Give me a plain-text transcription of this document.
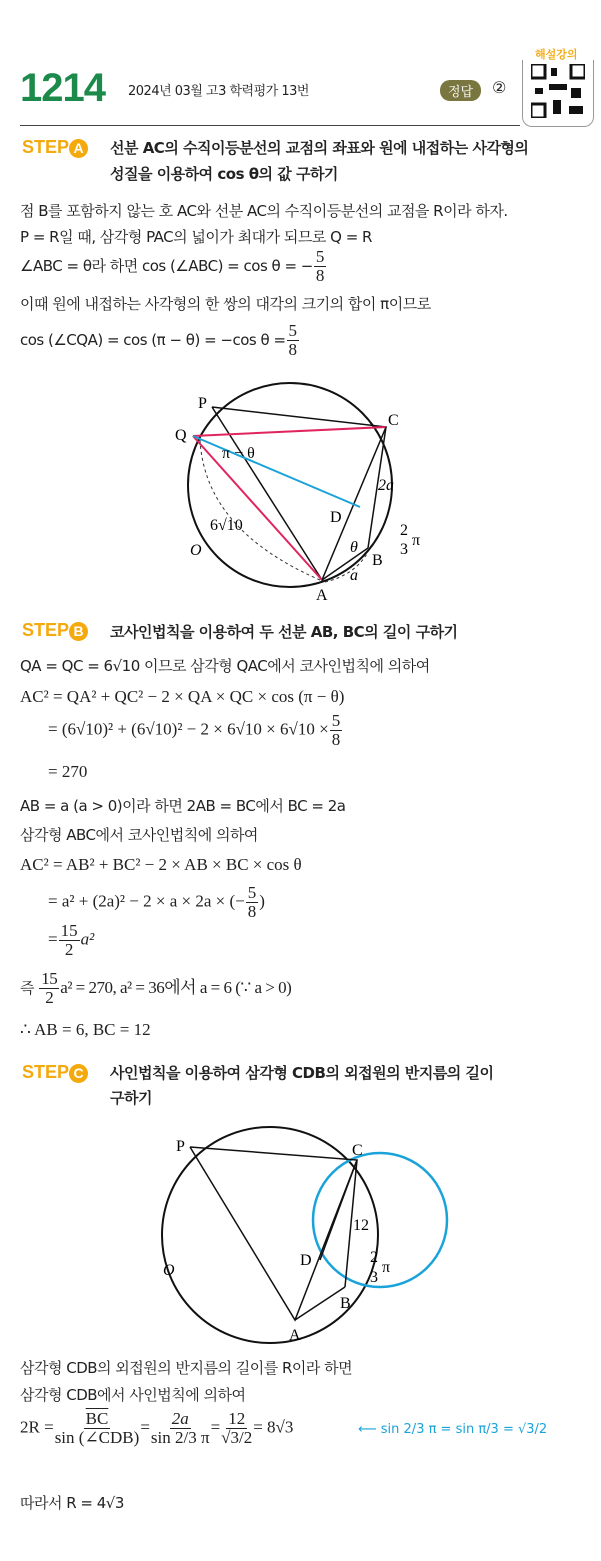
1214 2024년 03월 고3 학력평가 13번	정답	②
해설강의
STEP A 선분 AC의 수직이등분선의 교점의 좌표와 원에 내접하는 사각형의
성질을 이용하여 cos θ의 값 구하기
점 B를 포함하지 않는 호 AC와 선분 AC의 수직이등분선의 교점을 R이라 하자.
P = R일 때, 삼각형 PAC의 넓이가 최대가 되므로 Q = R
∠ABC = θ라 하면 cos (∠ABC) = cos θ = − $\frac{5}{8}$
이때 원에 내접하는 사각형의 한 쌍의 대각의 크기의 합이 π이므로
cos (∠CQA) = cos (π − θ) = −cos $\theta = \frac{5}{8}$
P
Q
C
O
D
B
A
a
2a
π − θ
θ
6√10	2
3
π
STEP B 코사인법칙을 이용하여 두 선분 AB, BC의 길이 구하기
QA = QC = 6√10 이므로 삼각형 QAC에서 코사인법칙에 의하여
AC² = QA² + QC² − 2 × QA × QC × cos (π − θ)
= $(6√10)^2 + (6√10)^2 - 2 \times 6√10 \times 6√10 \times \frac{5}{8}$
= 270
AB = a (a > 0)이라 하면 2AB = BC에서 BC = 2a
삼각형 ABC에서 코사인법칙에 의하여
AC² = AB² + BC² − 2 × AB × BC × cos θ
= a² + (2a)² − 2 × a × 2a × (− $\frac{5}{8}$ )
= $\frac{15}{2} a^2$
즉 $\frac{15}{2} a^2 = 270$, a² = 36에서 a = 6 (∵ a > 0)
∴ AB = 6, BC = 12
STEP C 사인법칙을 이용하여 삼각형 CDB의 외접원의 반지름의 길이
구하기
P	C
O
D
B
A
12
2
3
π
삼각형 CDB의 외접원의 반지름의 길이를 R이라 하면
삼각형 CDB에서 사인법칙에 의하여
$2R = \overline{BC}$
sin (∠CDB)
= $\frac{2a}{\sin 2/3 \pi} = \frac{12}{√3/2} = 8√3$	⟵ sin 2/3 π = sin π/3 = √3/2
따라서 R = 4√3
